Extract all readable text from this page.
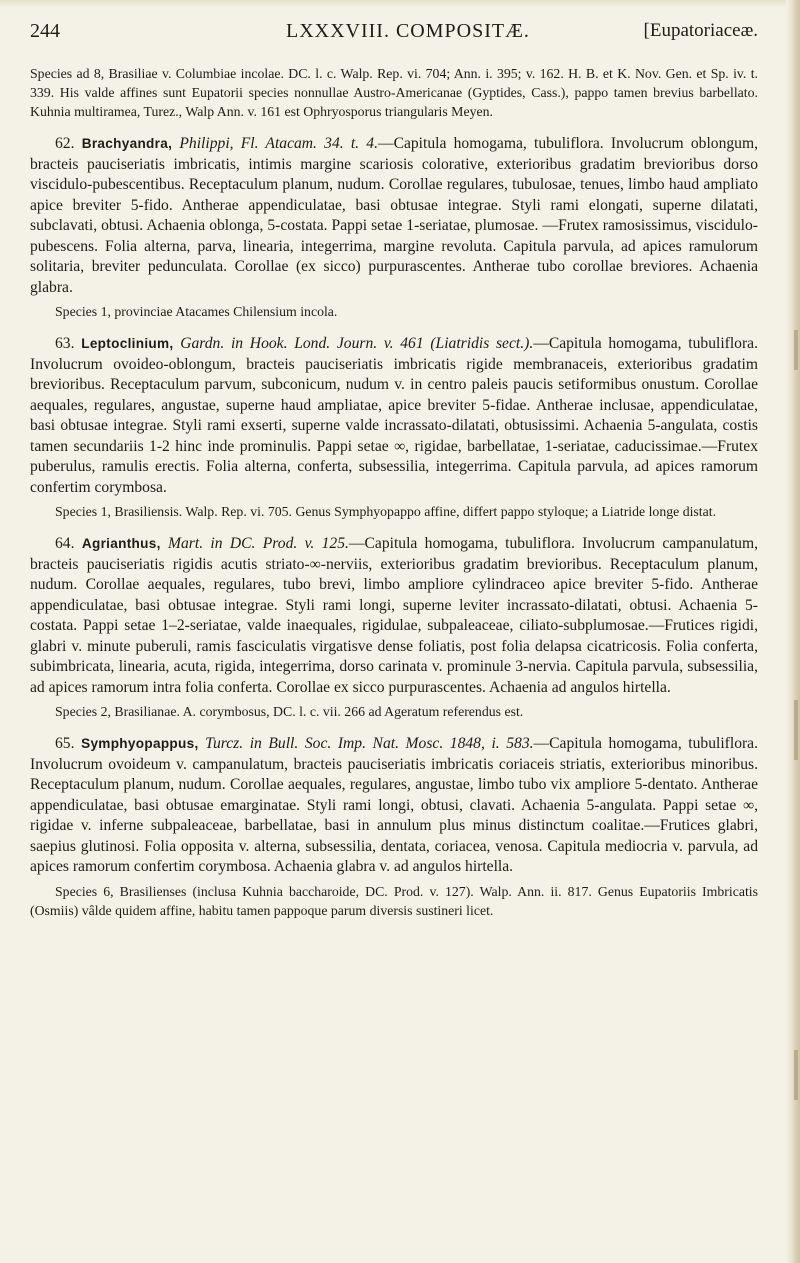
244	LXXXVIII. COMPOSITÆ.	[Eupatoriaceæ.

Species ad 8, Brasiliae v. Columbiae incolae. DC. l. c. Walp. Rep. vi. 704; Ann. i. 395; v. 162. H. B. et K. Nov. Gen. et Sp. iv. t. 339. His valde affines sunt Eupatorii species nonnullae Austro-Americanae (Gyptides, Cass.), pappo tamen brevius barbellato. Kuhnia multiramea, Turez., Walp Ann. v. 161 est Ophryosporus triangularis Meyen.

62. Brachyandra, Philippi, Fl. Atacam. 34. t. 4.—Capitula homogama, tubuliflora. Involucrum oblongum, bracteis pauciseriatis imbricatis, intimis margine scariosis colorative, exterioribus gradatim brevioribus dorso viscidulo-pubescentibus. Receptaculum planum, nudum. Corollae regulares, tubulosae, tenues, limbo haud ampliato apice breviter 5-fido. Antherae appendiculatae, basi obtusae integrae. Styli rami elongati, superne dilatati, subclavati, obtusi. Achaenia oblonga, 5-costata. Pappi setae 1-seriatae, plumosae. —Frutex ramosissimus, viscidulo-pubescens. Folia alterna, parva, linearia, integerrima, margine revoluta. Capitula parvula, ad apices ramulorum solitaria, breviter pedunculata. Corollae (ex sicco) purpurascentes. Antherae tubo corollae breviores. Achaenia glabra.

Species 1, provinciae Atacames Chilensium incola.

63. Leptoclinium, Gardn. in Hook. Lond. Journ. v. 461 (Liatridis sect.).—Capitula homogama, tubuliflora. Involucrum ovoideo-oblongum, bracteis pauciseriatis imbricatis rigide membranaceis, exterioribus gradatim brevioribus. Receptaculum parvum, subconicum, nudum v. in centro paleis paucis setiformibus onustum. Corollae aequales, regulares, angustae, superne haud ampliatae, apice breviter 5-fidae. Antherae inclusae, appendiculatae, basi obtusae integrae. Styli rami exserti, superne valde incrassato-dilatati, obtusissimi. Achaenia 5-angulata, costis tamen secundariis 1-2 hinc inde prominulis. Pappi setae ∞, rigidae, barbellatae, 1-seriatae, caducissimae.—Frutex puberulus, ramulis erectis. Folia alterna, conferta, subsessilia, integerrima. Capitula parvula, ad apices ramorum confertim corymbosa.

Species 1, Brasiliensis. Walp. Rep. vi. 705. Genus Symphyopappo affine, differt pappo styloque; a Liatride longe distat.

64. Agrianthus, Mart. in DC. Prod. v. 125.—Capitula homogama, tubuliflora. Involucrum campanulatum, bracteis pauciseriatis rigidis acutis striato-∞-nerviis, exterioribus gradatim brevioribus. Receptaculum planum, nudum. Corollae aequales, regulares, tubo brevi, limbo ampliore cylindraceo apice breviter 5-fido. Antherae appendiculatae, basi obtusae integrae. Styli rami longi, superne leviter incrassato-dilatati, obtusi. Achaenia 5-costata. Pappi setae 1–2-seriatae, valde inaequales, rigidulae, subpaleaceae, ciliato-subplumosae.—Frutices rigidi, glabri v. minute puberuli, ramis fasciculatis virgatisve dense foliatis, post folia delapsa cicatricosis. Folia conferta, subimbricata, linearia, acuta, rigida, integerrima, dorso carinata v. prominule 3-nervia. Capitula parvula, subsessilia, ad apices ramorum intra folia conferta. Corollae ex sicco purpurascentes. Achaenia ad angulos hirtella.

Species 2, Brasilianae. A. corymbosus, DC. l. c. vii. 266 ad Ageratum referendus est.

65. Symphyopappus, Turcz. in Bull. Soc. Imp. Nat. Mosc. 1848, i. 583.—Capitula homogama, tubuliflora. Involucrum ovoideum v. campanulatum, bracteis pauciseriatis imbricatis coriaceis striatis, exterioribus minoribus. Receptaculum planum, nudum. Corollae aequales, regulares, angustae, limbo tubo vix ampliore 5-dentato. Antherae appendiculatae, basi obtusae emarginatae. Styli rami longi, obtusi, clavati. Achaenia 5-angulata. Pappi setae ∞, rigidae v. inferne subpaleaceae, barbellatae, basi in annulum plus minus distinctum coalitae.—Frutices glabri, saepius glutinosi. Folia opposita v. alterna, subsessilia, dentata, coriacea, venosa. Capitula mediocria v. parvula, ad apices ramorum confertim corymbosa. Achaenia glabra v. ad angulos hirtella.

Species 6, Brasilienses (inclusa Kuhnia baccharoide, DC. Prod. v. 127). Walp. Ann. ii. 817. Genus Eupatoriis Imbricatis (Osmiis) vâlde quidem affine, habitu tamen pappoque parum diversis sustineri licet.
